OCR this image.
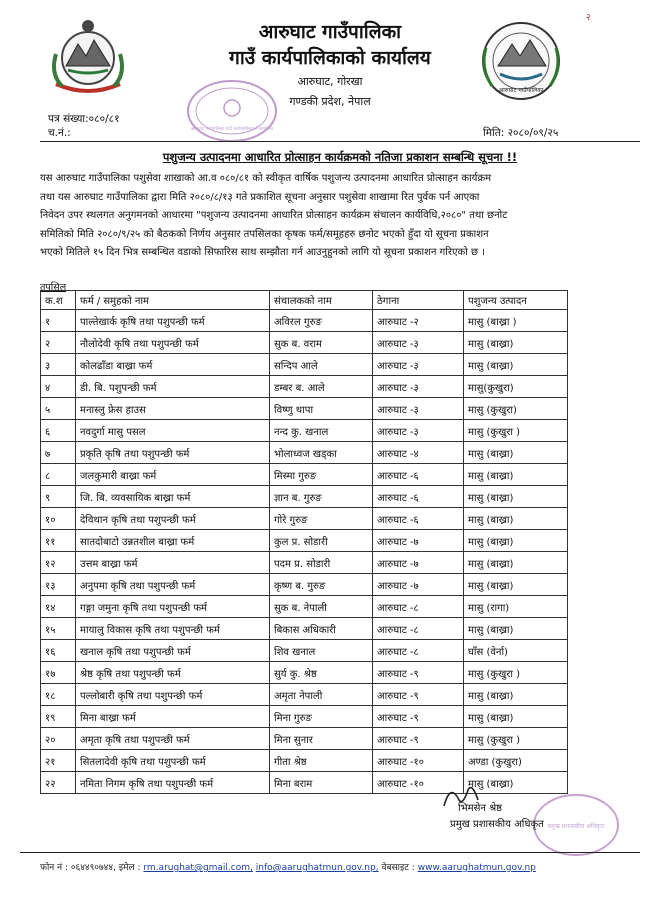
२
आरुघाट गाउँपालिका
गाउँ कार्यपालिकाको कार्यालय
आरुघाट, गोरखा
गण्डकी प्रदेश, नेपाल
आरुघाट गाउँपालिका
आरुघाट गाउँपालिका गाउँ कार्यपालिकाको कार्यालय
पत्र संख्या:०८०/८१
च.नं.:	मिति: २०८०/०९/२५
पशुजन्य उत्पादनमा आधारित प्रोत्साहन कार्यक्रमको नतिजा प्रकाशन सम्बन्धि सूचना !!
यस आरुघाट गाउँपालिका पशुसेवा शाखाको आ.व ०८०/८१ को स्वीकृत वार्षिक पशुजन्य उत्पादनमा आधारित प्रोत्साहन कार्यक्रम
तथा यस आरुघाट गाउँपालिका द्वारा मिति २०८०/८/१३ गते प्रकाशित सूचना अनुसार पशुसेवा शाखामा रित पुर्वक पर्न आएका
निवेदन उपर स्थलगत अनुगमनको आधारमा "पशुजन्य उत्पादनमा आधारित प्रोत्साहन कार्यक्रम संचालन कार्यविधि,२०८०" तथा छनोट
समितिको मिति २०८०/९/२५ को बैठकको निर्णय अनुसार तपसिलका कृषक फर्म/समूहहरु छनोट भएको हुँदा यो सूचना प्रकाशन
भएको मितिले १५ दिन भित्र सम्बन्धित वडाको सिफारिस साथ सम्झौता गर्न आउनुहुनको लागि यो सूचना प्रकाशन गरिएको छ ।
तपसिल
क.श	फर्म / समुहको नाम	संचालकको नाम	ठेगाना	पशुजन्य उत्पादन
१	पाल्तेखार्क कृषि तथा पशुपन्छी फर्म	अविरल गुरुङ	आरुघाट -२	मासु (बाख्रा )
२	नौलोदेवी कृषि तथा पशुपन्छी फर्म	सुक ब. वराम	आरुघाट -३	मासु (बाख्रा)
३	कोलढाँडा बाख्रा फर्म	सन्दिप आले	आरुघाट -३	मासु (बाख्रा)
४	डी. बि. पशुपन्छी फर्म	डम्बर ब. आले	आरुघाट -३	मासु(कुखुरा)
५	मनास्लु फ्रेस हाउस	विष्णु थापा	आरुघाट -३	मासु (कुखुरा)
६	नवदुर्गा मासु पसल	नन्द कु. खनाल	आरुघाट -३	मासु (कुखुरा )
७	प्रकृति कृषि तथा पशुपन्छी फर्म	भोलाध्वज खड्का	आरुघाट -४	मासु (बाख्रा)
८	जलकुमारी बाख्रा फर्म	मिस्मा गुरुङ	आरुघाट -६	मासु (बाख्रा)
९	जि. बि. व्यवसायिक बाख्रा फर्म	ज्ञान ब. गुरुङ	आरुघाट -६	मासु (बाख्रा)
१०	देविथान कृषि तथा पशुपन्छी फर्म	गोरे गुरुङ	आरुघाट -६	मासु (बाख्रा)
११	सातदोबाटो उन्नतशील बाख्रा फर्म	कुल प्र. सोडारी	आरुघाट -७	मासु (बाख्रा)
१२	उत्तम बाख्रा फर्म	पदम प्र. सोडारी	आरुघाट -७	मासु (बाख्रा)
१३	अनुपमा कृषि तथा पशुपन्छी फर्म	कृष्ण ब. गुरुङ	आरुघाट -७	मासु (बाख्रा)
१४	गङ्गा जमुना कृषि तथा पशुपन्छी फर्म	सुक ब. नेपाली	आरुघाट -८	मासु (रागा)
१५	मायालु विकास कृषि तथा पशुपन्छी फर्म	बिकास अधिकारी	आरुघाट -८	मासु (बाख्रा)
१६	खनाल कृषि तथा पशुपन्छी फर्म	शिव खनाल	आरुघाट -८	घाँस (वेर्ना)
१७	श्रेष्ठ कृषि तथा पशुपन्छी फर्म	सुर्य कु. श्रेष्ठ	आरुघाट -९	मासु (कुखुरा )
१८	पल्लोबारी कृषि तथा पशुपन्छी फर्म	अमृता नेपाली	आरुघाट -९	मासु (बाख्रा)
१९	मिना बाख्रा फर्म	मिना गुरुङ	आरुघाट -९	मासु (बाख्रा)
२०	अमृता कृषि तथा पशुपन्छी फर्म	मिना सुनार	आरुघाट -९	मासु (कुखुरा )
२१	सितलादेवी कृषि तथा पशुपन्छी फर्म	गीता श्रेष्ठ	आरुघाट -१०	अण्डा (कुखुरा)
२२	नमिता निगम कृषि तथा पशुपन्छी फर्म	मिना बराम	आरुघाट -१०	मासु (बाख्रा)
प्रमुख प्रशासकीय अधिकृत
भिमसेन श्रेष्ठ
प्रमुख प्रशासकीय अधिकृत
फोन नं : ०६४४९०७४४, इमेल : rm.arughat@gmail.com, info@aarughatmun.gov.np, वेबसाइट : www.aarughatmun.gov.np
